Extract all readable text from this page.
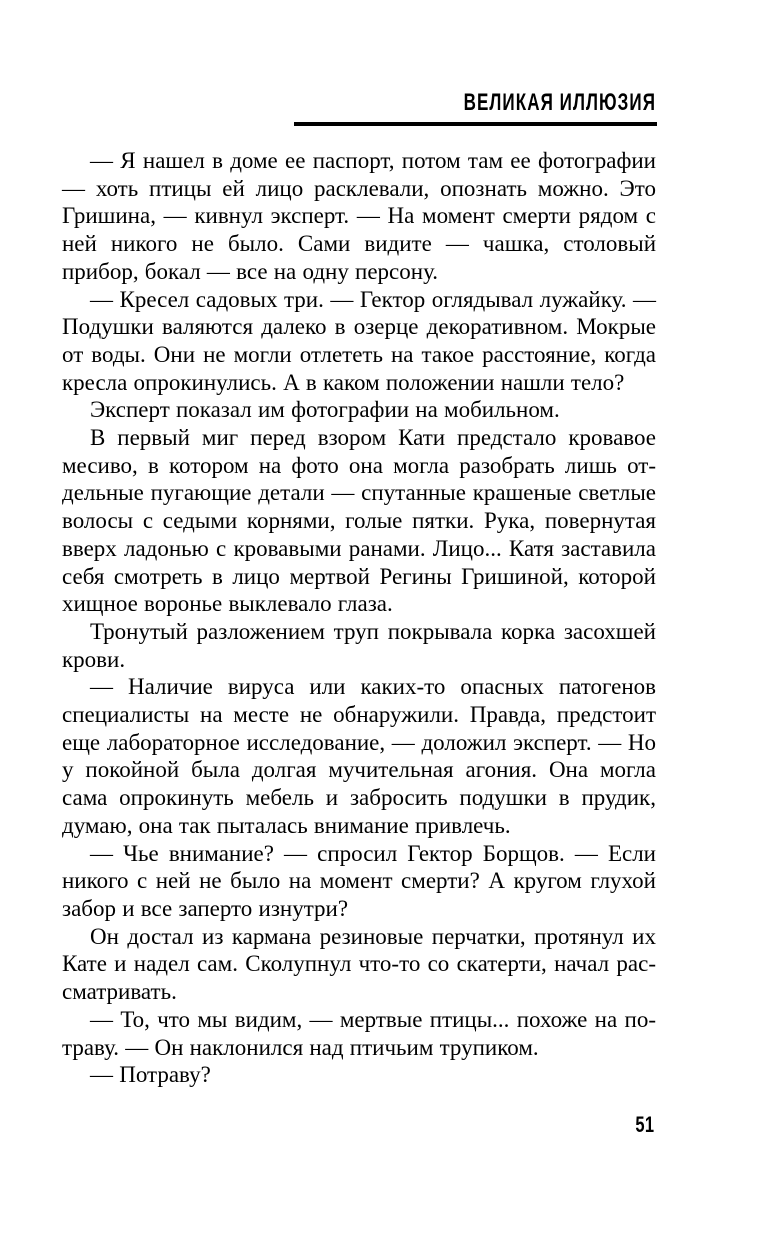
ВЕЛИКАЯ ИЛЛЮЗИЯ

— Я нашел в доме ее паспорт, потом там ее фотографии — хоть птицы ей лицо расклевали, опознать можно. Это Гришина, — кивнул эксперт. — На момент смерти рядом с ней никого не было. Сами видите — чашка, столовый прибор, бокал — все на одну персону.

— Кресел садовых три. — Гектор оглядывал лужайку. — Подушки валяются далеко в озерце декоративном. Мокрые от воды. Они не могли отлететь на такое расстояние, когда кресла опрокинулись. А в каком положении нашли тело?

Эксперт показал им фотографии на мобильном.

В первый миг перед взором Кати предстало кровавое месиво, в котором на фото она могла разобрать лишь отдельные пугающие детали — спутанные крашеные светлые волосы с седыми корнями, голые пятки. Рука, повернутая вверх ладонью с кровавыми ранами. Лицо... Катя заставила себя смотреть в лицо мертвой Регины Гришиной, которой хищное воронье выклевало глаза.

Тронутый разложением труп покрывала корка засохшей крови.

— Наличие вируса или каких-то опасных патогенов специалисты на месте не обнаружили. Правда, предстоит еще лабораторное исследование, — доложил эксперт. — Но у покойной была долгая мучительная агония. Она могла сама опрокинуть мебель и забросить подушки в прудик, думаю, она так пыталась внимание привлечь.

— Чье внимание? — спросил Гектор Борщов. — Если никого с ней не было на момент смерти? А кругом глухой забор и все заперто изнутри?

Он достал из кармана резиновые перчатки, протянул их Кате и надел сам. Сколупнул что-то со скатерти, начал рассматривать.

— То, что мы видим, — мертвые птицы... похоже на потраву. — Он наклонился над птичьим трупиком.

— Потраву?

51
